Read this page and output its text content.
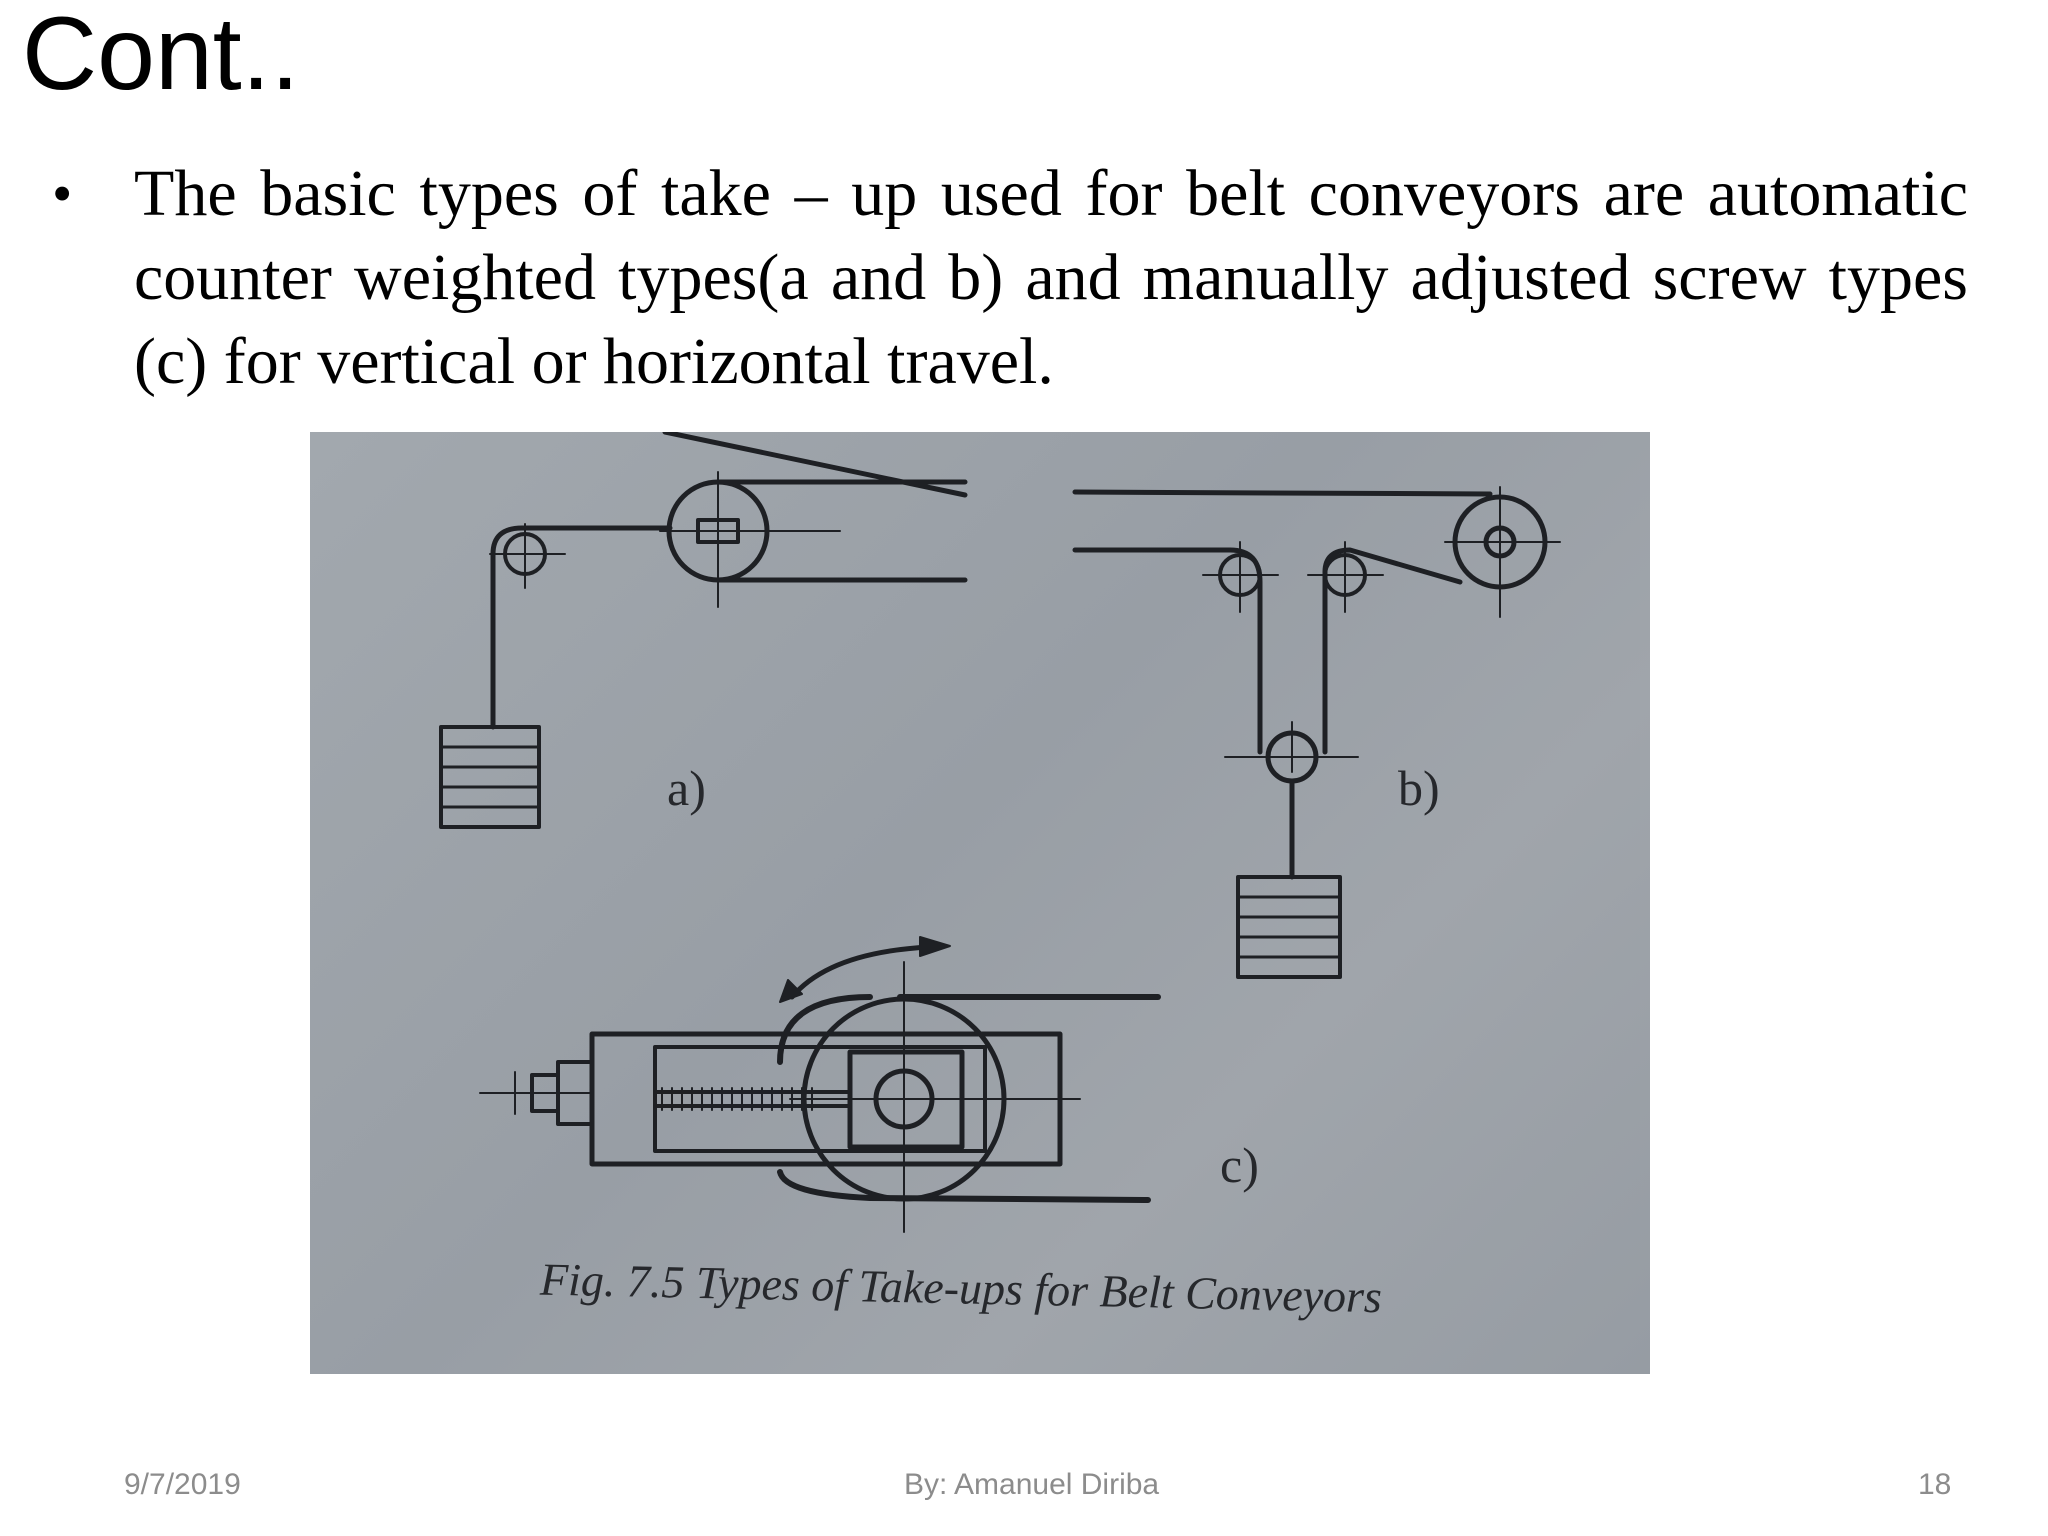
Cont..
• The basic types of take – up used for belt conveyors are automatic counter weighted types(a and b) and manually adjusted screw types (c) for vertical or horizontal travel.
a)	b)
c)
Fig. 7.5 Types of Take-ups for Belt Conveyors
9/7/2019	By: Amanuel Diriba	18
